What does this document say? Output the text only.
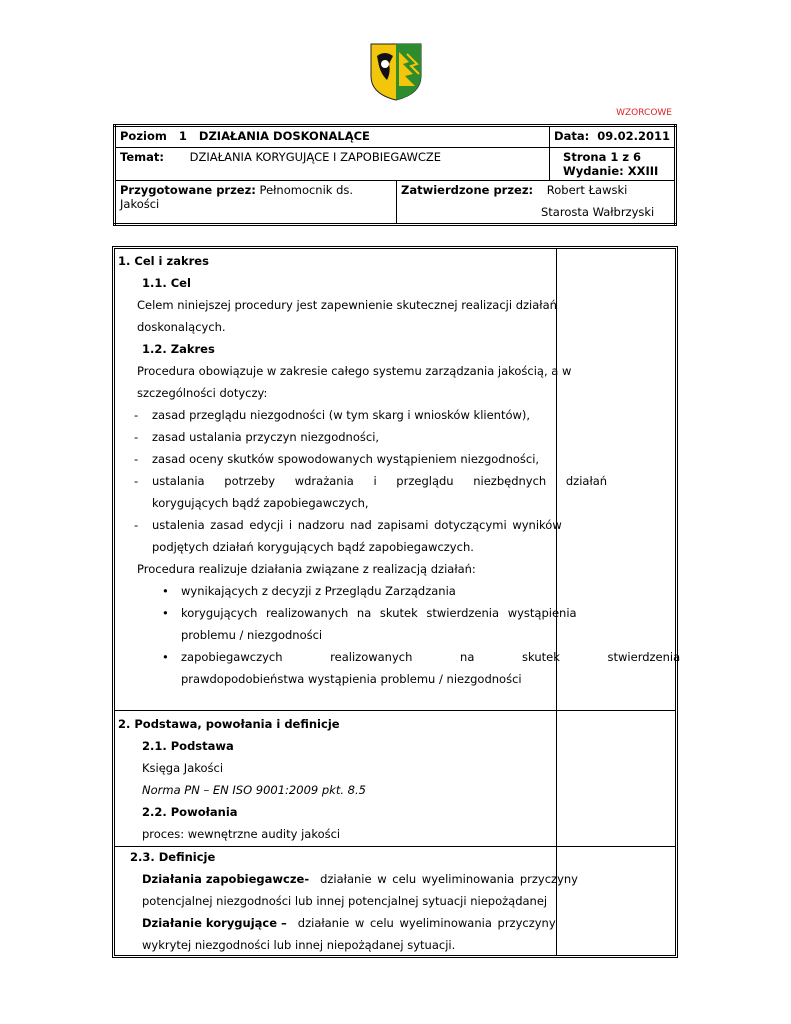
WZORCOWE
Poziom 1 DZIAŁANIA DOSKONALĄCE		Data: 09.02.2011
Temat: DZIAŁANIA KORYGUJĄCE I ZAPOBIEGAWCZE		Strona 1 z 6
Wydanie: XXIII

Przygotowane przez: Pełnomocnik ds. Jakości	Zatwierdzone przez: Robert Ławski
Starosta Wałbrzyski	
1. Cel i zakres
1.1. Cel
Celem niniejszej procedury jest zapewnienie skutecznej realizacji działań
doskonalących.
1.2. Zakres
Procedura obowiązuje w zakresie całego systemu zarządzania jakością, a w
szczególności dotyczy:
- zasad przeglądu niezgodności (w tym skarg i wniosków klientów),
- zasad ustalania przyczyn niezgodności,
- zasad oceny skutków spowodowanych wystąpieniem niezgodności,
- ustalania potrzeby wdrażania i przeglądu niezbędnych działań
korygujących bądź zapobiegawczych,
- ustalenia zasad edycji i nadzoru nad zapisami dotyczącymi wyników
podjętych działań korygujących bądź zapobiegawczych.
Procedura realizuje działania związane z realizacją działań:
• wynikających z decyzji z Przeglądu Zarządzania
• korygujących realizowanych na skutek stwierdzenia wystąpienia
problemu / niezgodności
• zapobiegawczych realizowanych na skutek stwierdzenia
prawdopodobieństwa wystąpienia problemu / niezgodności
2. Podstawa, powołania i definicje
2.1. Podstawa
Księga Jakości
Norma PN – EN ISO 9001:2009 pkt. 8.5
2.2. Powołania
proces: wewnętrzne audity jakości
2.3. Definicje
Działania zapobiegawcze- działanie w celu wyeliminowania przyczyny
potencjalnej niezgodności lub innej potencjalnej sytuacji niepożądanej
Działanie korygujące – działanie w celu wyeliminowania przyczyny
wykrytej niezgodności lub innej niepożądanej sytuacji.
